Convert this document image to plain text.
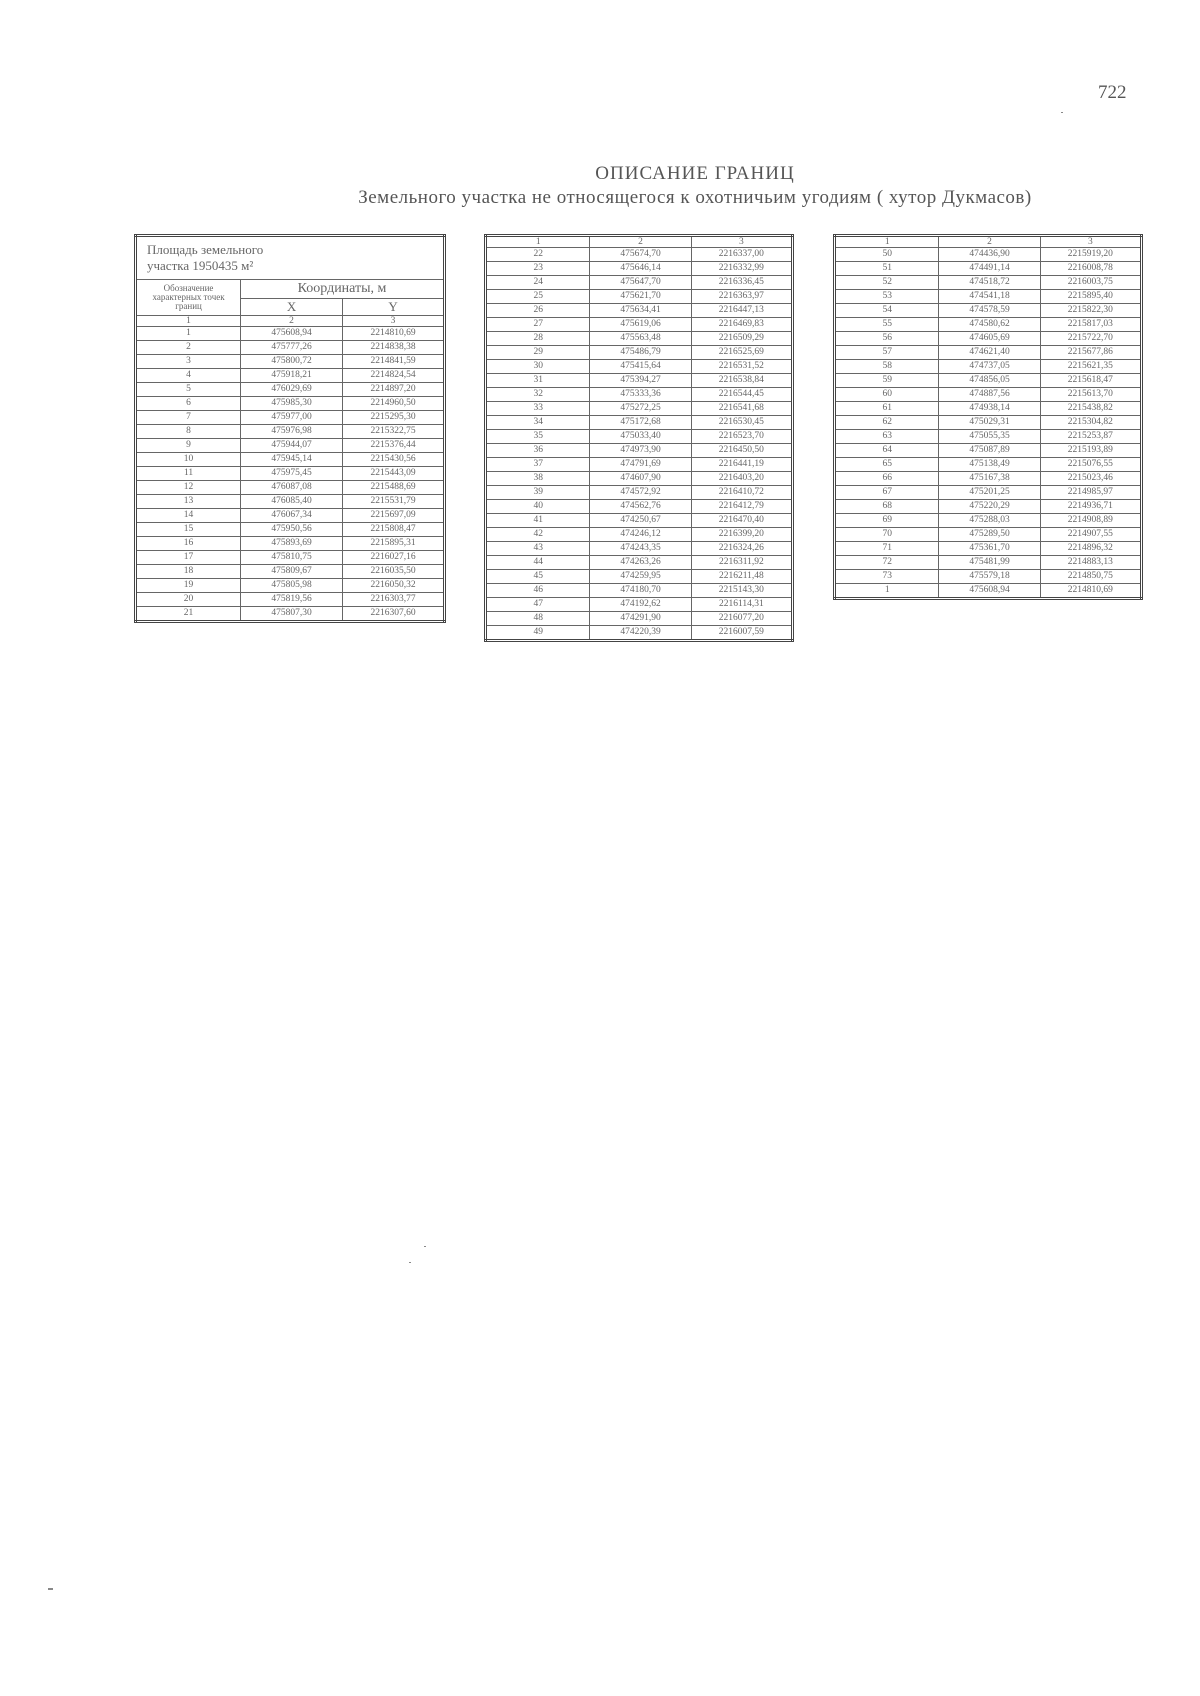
722
ОПИСАНИЕ ГРАНИЦ
Земельного участка не относящегося к охотничьим угодиям ( хутор Дукмасов)
Площадь земельного
участка 1950435 м²		

Обозначение характерных точек границ	Координаты, м	
	X	Y
1	2	3
1	475608,94	2214810,69
2	475777,26	2214838,38
3	475800,72	2214841,59
4	475918,21	2214824,54
5	476029,69	2214897,20
6	475985,30	2214960,50
7	475977,00	2215295,30
8	475976,98	2215322,75
9	475944,07	2215376,44
10	475945,14	2215430,56
11	475975,45	2215443,09
12	476087,08	2215488,69
13	476085,40	2215531,79
14	476067,34	2215697,09
15	475950,56	2215808,47
16	475893,69	2215895,31
17	475810,75	2216027,16
18	475809,67	2216035,50
19	475805,98	2216050,32
20	475819,56	2216303,77
21	475807,30	2216307,60
1	2	3
22	475674,70	2216337,00
23	475646,14	2216332,99
24	475647,70	2216336,45
25	475621,70	2216363,97
26	475634,41	2216447,13
27	475619,06	2216469,83
28	475563,48	2216509,29
29	475486,79	2216525,69
30	475415,64	2216531,52
31	475394,27	2216538,84
32	475333,36	2216544,45
33	475272,25	2216541,68
34	475172,68	2216530,45
35	475033,40	2216523,70
36	474973,90	2216450,50
37	474791,69	2216441,19
38	474607,90	2216403,20
39	474572,92	2216410,72
40	474562,76	2216412,79
41	474250,67	2216470,40
42	474246,12	2216399,20
43	474243,35	2216324,26
44	474263,26	2216311,92
45	474259,95	2216211,48
46	474180,70	2215143,30
47	474192,62	2216114,31
48	474291,90	2216077,20
49	474220,39	2216007,59
1	2	3
50	474436,90	2215919,20
51	474491,14	2216008,78
52	474518,72	2216003,75
53	474541,18	2215895,40
54	474578,59	2215822,30
55	474580,62	2215817,03
56	474605,69	2215722,70
57	474621,40	2215677,86
58	474737,05	2215621,35
59	474856,05	2215618,47
60	474887,56	2215613,70
61	474938,14	2215438,82
62	475029,31	2215304,82
63	475055,35	2215253,87
64	475087,89	2215193,89
65	475138,49	2215076,55
66	475167,38	2215023,46
67	475201,25	2214985,97
68	475220,29	2214936,71
69	475288,03	2214908,89
70	475289,50	2214907,55
71	475361,70	2214896,32
72	475481,99	2214883,13
73	475579,18	2214850,75
1	475608,94	2214810,69
